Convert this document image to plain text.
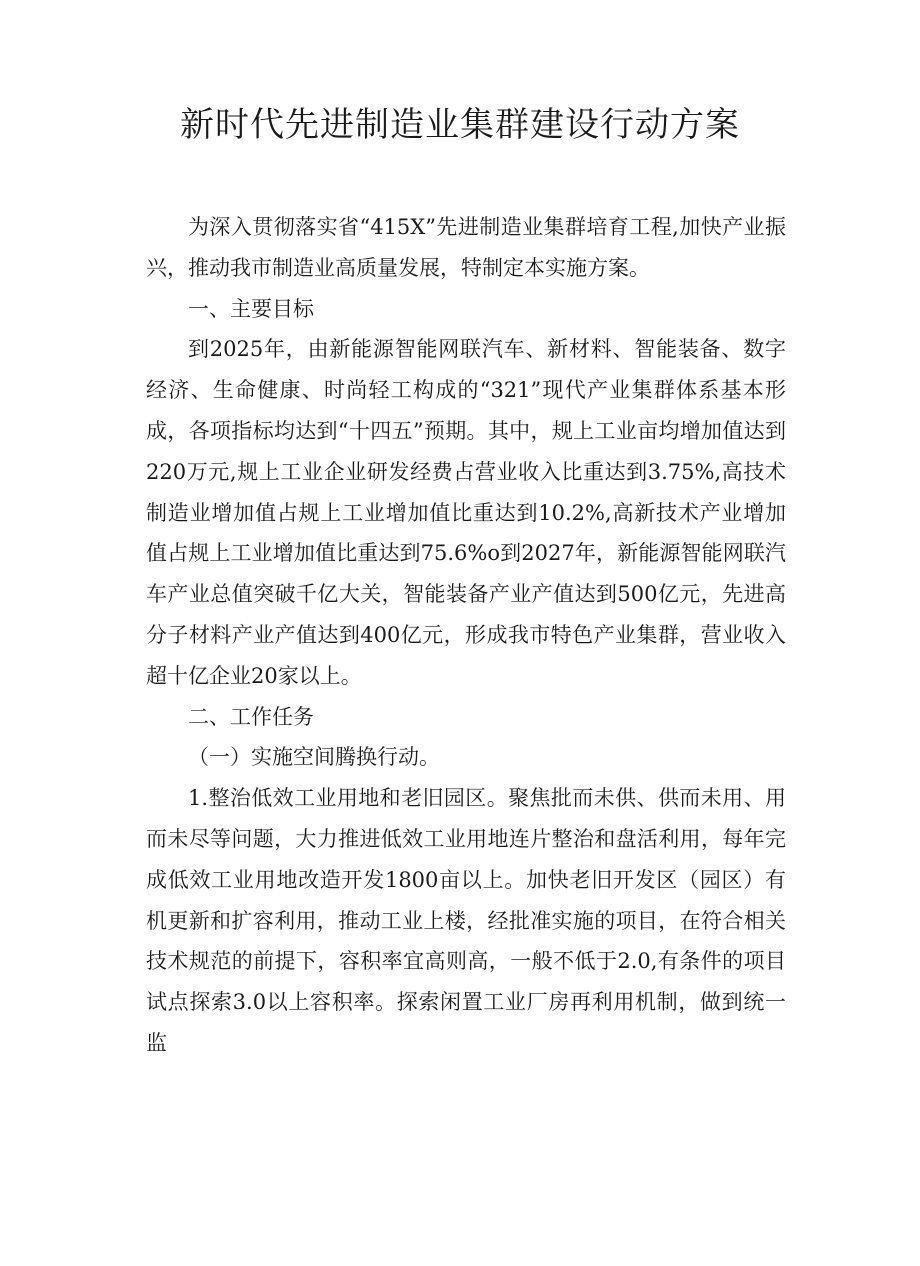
新时代先进制造业集群建设行动方案

为深入贯彻落实省“415X”先进制造业集群培育工程,加快产业振兴，推动我市制造业高质量发展，特制定本实施方案。

一、主要目标

到2025年，由新能源智能网联汽车、新材料、智能装备、数字经济、生命健康、时尚轻工构成的“321”现代产业集群体系基本形成，各项指标均达到“十四五”预期。其中，规上工业亩均增加值达到220万元,规上工业企业研发经费占营业收入比重达到3.75%,高技术制造业增加值占规上工业增加值比重达到10.2%,高新技术产业增加值占规上工业增加值比重达到75.6%o到2027年，新能源智能网联汽车产业总值突破千亿大关，智能装备产业产值达到500亿元，先进高分子材料产业产值达到400亿元，形成我市特色产业集群，营业收入超十亿企业20家以上。

二、工作任务

（一）实施空间腾换行动。

1.整治低效工业用地和老旧园区。聚焦批而未供、供而未用、用而未尽等问题，大力推进低效工业用地连片整治和盘活利用，每年完成低效工业用地改造开发1800亩以上。加快老旧开发区（园区）有机更新和扩容利用，推动工业上楼，经批准实施的项目，在符合相关技术规范的前提下，容积率宜高则高，一般不低于2.0,有条件的项目试点探索3.0以上容积率。探索闲置工业厂房再利用机制，做到统一监
